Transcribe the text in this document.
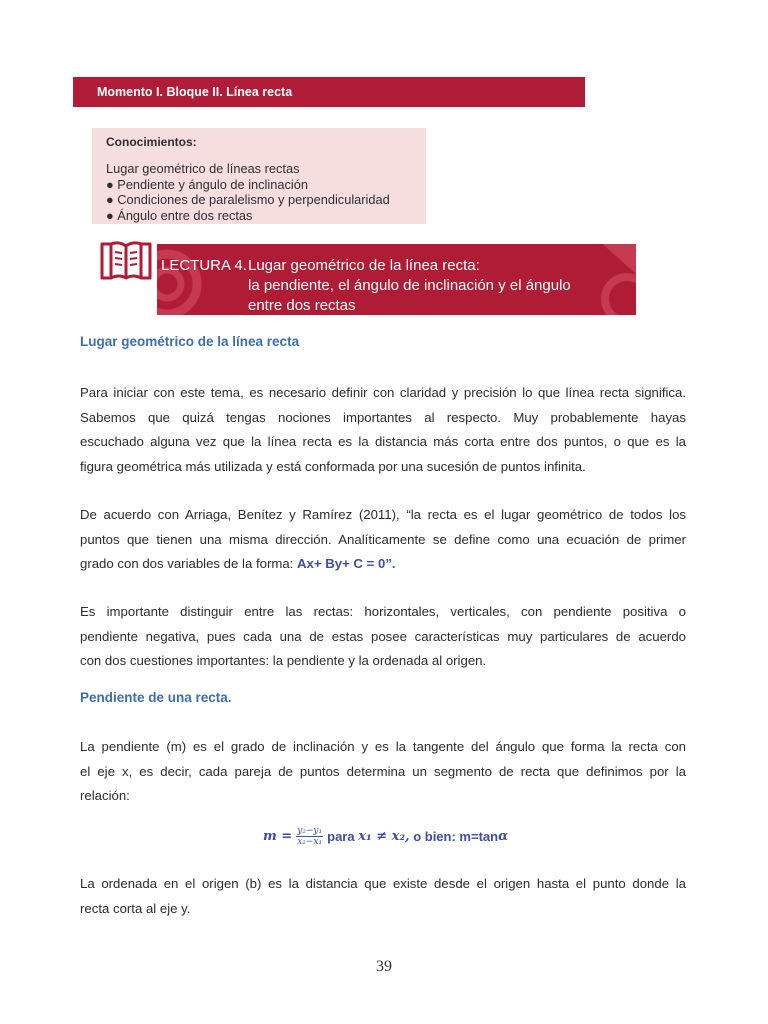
Momento I. Bloque II. Línea recta
Conocimientos:
Lugar geométrico de líneas rectas
● Pendiente y ángulo de inclinación
● Condiciones de paralelismo y perpendicularidad
● Ángulo entre dos rectas
LECTURA 4. Lugar geométrico de la línea recta:
la pendiente, el ángulo de inclinación y el ángulo
entre dos rectas
Lugar geométrico de la línea recta
Para iniciar con este tema, es necesario definir con claridad y precisión lo que línea recta significa.
Sabemos que quizá tengas nociones importantes al respecto. Muy probablemente hayas
escuchado alguna vez que la línea recta es la distancia más corta entre dos puntos, o que es la
figura geométrica más utilizada y está conformada por una sucesión de puntos infinita.
De acuerdo con Arriaga, Benítez y Ramírez (2011), “la recta es el lugar geométrico de todos los
puntos que tienen una misma dirección. Analíticamente se define como una ecuación de primer
grado con dos variables de la forma: Ax+ By+ C = 0”.
Es importante distinguir entre las rectas: horizontales, verticales, con pendiente positiva o
pendiente negativa, pues cada una de estas posee características muy particulares de acuerdo
con dos cuestiones importantes: la pendiente y la ordenada al origen.
Pendiente de una recta.
La pendiente (m) es el grado de inclinación y es la tangente del ángulo que forma la recta con
el eje x, es decir, cada pareja de puntos determina un segmento de recta que definimos por la
relación:
$m = \frac{\text{y₂−y₁}}{\text{x₂−x₁}}$ para
x₁ ≠ x₂,
o bien: m=tan α
La ordenada en el origen (b) es la distancia que existe desde el origen hasta el punto donde la
recta corta al eje y.
39
